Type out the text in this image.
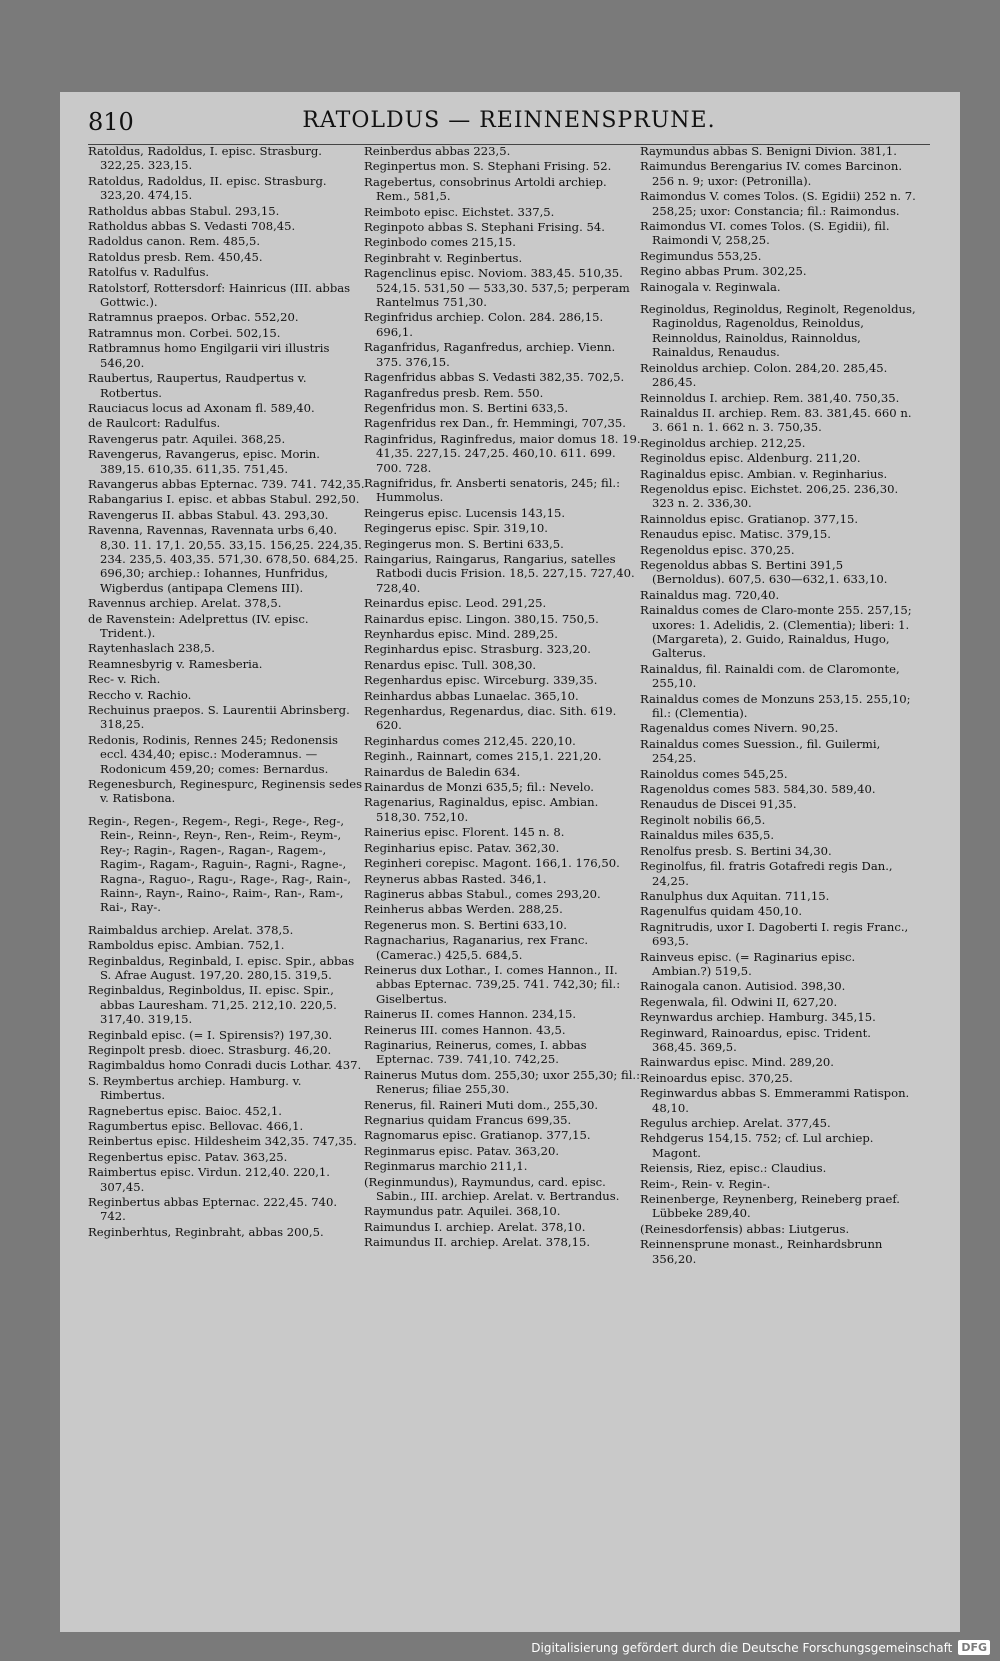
810	RATOLDUS — REINNENSPRUNE.
Ratoldus, Radoldus, I. episc. Strasburg. 322,25. 323,15.
Ratoldus, Radoldus, II. episc. Strasburg. 323,20. 474,15.
Ratholdus abbas Stabul. 293,15.
Ratholdus abbas S. Vedasti 708,45.
Radoldus canon. Rem. 485,5.
Ratoldus presb. Rem. 450,45.
Ratolfus v. Radulfus.
Ratolstorf, Rottersdorf: Hainricus (III. abbas Gottwic.).
Ratramnus praepos. Orbac. 552,20.
Ratramnus mon. Corbei. 502,15.
Ratbramnus homo Engilgarii viri illustris 546,20.
Raubertus, Raupertus, Raudpertus v. Rotbertus.
Rauciacus locus ad Axonam fl. 589,40.
de Raulcort: Radulfus.
Ravengerus patr. Aquilei. 368,25.
Ravengerus, Ravangerus, episc. Morin. 389,15. 610,35. 611,35. 751,45.
Ravangerus abbas Epternac. 739. 741. 742,35.
Rabangarius I. episc. et abbas Stabul. 292,50.
Ravengerus II. abbas Stabul. 43. 293,30.
Ravenna, Ravennas, Ravennata urbs 6,40. 8,30. 11. 17,1. 20,55. 33,15. 156,25. 224,35. 234. 235,5. 403,35. 571,30. 678,50. 684,25. 696,30; archiep.: Iohannes, Hunfridus, Wigberdus (antipapa Clemens III).
Ravennus archiep. Arelat. 378,5.
de Ravenstein: Adelprettus (IV. episc. Trident.).
Raytenhaslach 238,5.
Reamnesbyrig v. Ramesberia.
Rec- v. Rich.
Reccho v. Rachio.
Rechuinus praepos. S. Laurentii Abrinsberg. 318,25.
Redonis, Rodinis, Rennes 245; Redonensis eccl. 434,40; episc.: Moderamnus. — Rodonicum 459,20; comes: Bernardus.
Regenesburch, Reginespurc, Reginensis sedes v. Ratisbona.
Regin-, Regen-, Regem-, Regi-, Rege-, Reg-, Rein-, Reinn-, Reyn-, Ren-, Reim-, Reym-, Rey-; Ragin-, Ragen-, Ragan-, Ragem-, Ragim-, Ragam-, Raguin-, Ragni-, Ragne-, Ragna-, Raguo-, Ragu-, Rage-, Rag-, Rain-, Rainn-, Rayn-, Raino-, Raim-, Ran-, Ram-, Rai-, Ray-.
Raimbaldus archiep. Arelat. 378,5.
Ramboldus episc. Ambian. 752,1.
Reginbaldus, Reginbald, I. episc. Spir., abbas S. Afrae August. 197,20. 280,15. 319,5.
Reginbaldus, Reginboldus, II. episc. Spir., abbas Lauresham. 71,25. 212,10. 220,5. 317,40. 319,15.
Reginbald episc. (= I. Spirensis?) 197,30.
Reginpolt presb. dioec. Strasburg. 46,20.
Ragimbaldus homo Conradi ducis Lothar. 437.
S. Reymbertus archiep. Hamburg. v. Rimbertus.
Ragnebertus episc. Baioc. 452,1.
Ragumbertus episc. Bellovac. 466,1.
Reinbertus episc. Hildesheim 342,35. 747,35.
Regenbertus episc. Patav. 363,25.
Raimbertus episc. Virdun. 212,40. 220,1. 307,45.
Reginbertus abbas Epternac. 222,45. 740. 742.
Reginberhtus, Reginbraht, abbas 200,5.
Reinberdus abbas 223,5.
Reginpertus mon. S. Stephani Frising. 52.
Ragebertus, consobrinus Artoldi archiep. Rem., 581,5.
Reimboto episc. Eichstet. 337,5.
Reginpoto abbas S. Stephani Frising. 54.
Reginbodo comes 215,15.
Reginbraht v. Reginbertus.
Ragenclinus episc. Noviom. 383,45. 510,35. 524,15. 531,50 — 533,30. 537,5; perperam Rantelmus 751,30.
Reginfridus archiep. Colon. 284. 286,15. 696,1.
Raganfridus, Raganfredus, archiep. Vienn. 375. 376,15.
Ragenfridus abbas S. Vedasti 382,35. 702,5.
Raganfredus presb. Rem. 550.
Regenfridus mon. S. Bertini 633,5.
Ragenfridus rex Dan., fr. Hemmingi, 707,35.
Raginfridus, Raginfredus, maior domus 18. 19. 41,35. 227,15. 247,25. 460,10. 611. 699. 700. 728.
Ragnifridus, fr. Ansberti senatoris, 245; fil.: Hummolus.
Reingerus episc. Lucensis 143,15.
Regingerus episc. Spir. 319,10.
Regingerus mon. S. Bertini 633,5.
Raingarius, Raingarus, Rangarius, satelles Ratbodi ducis Frision. 18,5. 227,15. 727,40. 728,40.
Reinardus episc. Leod. 291,25.
Rainardus episc. Lingon. 380,15. 750,5.
Reynhardus episc. Mind. 289,25.
Reginhardus episc. Strasburg. 323,20.
Renardus episc. Tull. 308,30.
Regenhardus episc. Wirceburg. 339,35.
Reinhardus abbas Lunaelac. 365,10.
Regenhardus, Regenardus, diac. Sith. 619. 620.
Reginhardus comes 212,45. 220,10.
Reginh., Rainnart, comes 215,1. 221,20.
Rainardus de Baledin 634.
Rainardus de Monzi 635,5; fil.: Nevelo.
Ragenarius, Raginaldus, episc. Ambian. 518,30. 752,10.
Rainerius episc. Florent. 145 n. 8.
Reginharius episc. Patav. 362,30.
Reginheri corepisc. Magont. 166,1. 176,50.
Reynerus abbas Rasted. 346,1.
Raginerus abbas Stabul., comes 293,20.
Reinherus abbas Werden. 288,25.
Regenerus mon. S. Bertini 633,10.
Ragnacharius, Raganarius, rex Franc. (Camerac.) 425,5. 684,5.
Reinerus dux Lothar., I. comes Hannon., II. abbas Epternac. 739,25. 741. 742,30; fil.: Giselbertus.
Rainerus II. comes Hannon. 234,15.
Reinerus III. comes Hannon. 43,5.
Raginarius, Reinerus, comes, I. abbas Epternac. 739. 741,10. 742,25.
Rainerus Mutus dom. 255,30; uxor 255,30; fil.: Renerus; filiae 255,30.
Renerus, fil. Raineri Muti dom., 255,30.
Regnarius quidam Francus 699,35.
Ragnomarus episc. Gratianop. 377,15.
Reginmarus episc. Patav. 363,20.
Reginmarus marchio 211,1.
(Reginmundus), Raymundus, card. episc. Sabin., III. archiep. Arelat. v. Bertrandus.
Raymundus patr. Aquilei. 368,10.
Raimundus I. archiep. Arelat. 378,10.
Raimundus II. archiep. Arelat. 378,15.
Raymundus abbas S. Benigni Divion. 381,1.
Raimundus Berengarius IV. comes Barcinon. 256 n. 9; uxor: (Petronilla).
Raimondus V. comes Tolos. (S. Egidii) 252 n. 7. 258,25; uxor: Constancia; fil.: Raimondus.
Raimondus VI. comes Tolos. (S. Egidii), fil. Raimondi V, 258,25.
Regimundus 553,25.
Regino abbas Prum. 302,25.
Rainogala v. Reginwala.
Reginoldus, Reginoldus, Reginolt, Regenoldus, Raginoldus, Ragenoldus, Reinoldus, Reinnoldus, Rainoldus, Rainnoldus, Rainaldus, Renaudus.
Reinoldus archiep. Colon. 284,20. 285,45. 286,45.
Reinnoldus I. archiep. Rem. 381,40. 750,35.
Rainaldus II. archiep. Rem. 83. 381,45. 660 n. 3. 661 n. 1. 662 n. 3. 750,35.
Reginoldus archiep. 212,25.
Reginoldus episc. Aldenburg. 211,20.
Raginaldus episc. Ambian. v. Reginharius.
Regenoldus episc. Eichstet. 206,25. 236,30. 323 n. 2. 336,30.
Rainnoldus episc. Gratianop. 377,15.
Renaudus episc. Matisc. 379,15.
Regenoldus episc. 370,25.
Regenoldus abbas S. Bertini 391,5 (Bernoldus). 607,5. 630—632,1. 633,10.
Rainaldus mag. 720,40.
Rainaldus comes de Claro-monte 255. 257,15; uxores: 1. Adelidis, 2. (Clementia); liberi: 1. (Margareta), 2. Guido, Rainaldus, Hugo, Galterus.
Rainaldus, fil. Rainaldi com. de Claromonte, 255,10.
Rainaldus comes de Monzuns 253,15. 255,10; fil.: (Clementia).
Ragenaldus comes Nivern. 90,25.
Rainaldus comes Suession., fil. Guilermi, 254,25.
Rainoldus comes 545,25.
Ragenoldus comes 583. 584,30. 589,40.
Renaudus de Discei 91,35.
Reginolt nobilis 66,5.
Rainaldus miles 635,5.
Renolfus presb. S. Bertini 34,30.
Reginolfus, fil. fratris Gotafredi regis Dan., 24,25.
Ranulphus dux Aquitan. 711,15.
Ragenulfus quidam 450,10.
Ragnitrudis, uxor I. Dagoberti I. regis Franc., 693,5.
Rainveus episc. (= Raginarius episc. Ambian.?) 519,5.
Rainogala canon. Autisiod. 398,30.
Regenwala, fil. Odwini II, 627,20.
Reynwardus archiep. Hamburg. 345,15.
Reginward, Rainoardus, episc. Trident. 368,45. 369,5.
Rainwardus episc. Mind. 289,20.
Reinoardus episc. 370,25.
Reginwardus abbas S. Emmerammi Ratispon. 48,10.
Regulus archiep. Arelat. 377,45.
Rehdgerus 154,15. 752; cf. Lul archiep. Magont.
Reiensis, Riez, episc.: Claudius.
Reim-, Rein- v. Regin-.
Reinenberge, Reynenberg, Reineberg praef. Lübbeke 289,40.
(Reinesdorfensis) abbas: Liutgerus.
Reinnensprune monast., Reinhardsbrunn 356,20.
Digitalisierung gefördert durch die Deutsche Forschungsgemeinschaft DFG
